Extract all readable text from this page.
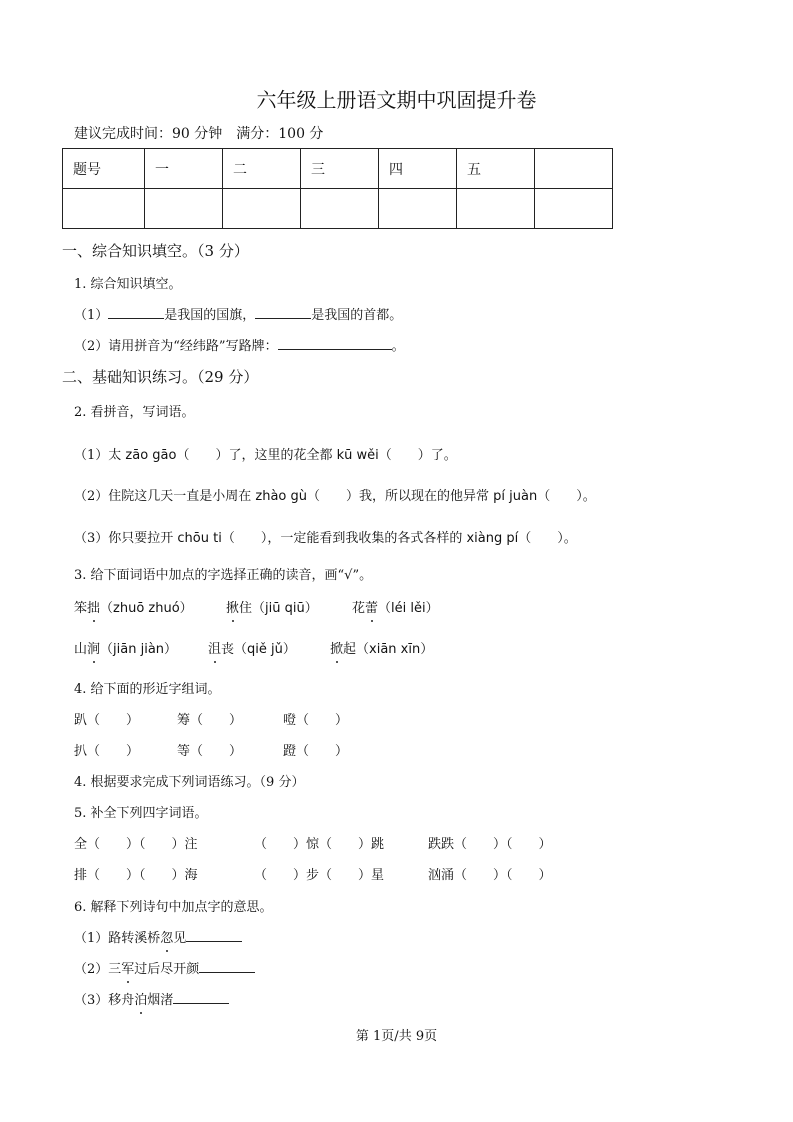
六年级上册语文期中巩固提升卷
建议完成时间：90 分钟　满分：100 分
题号	一	二	三	四	五	

一、综合知识填空。（3 分）
1. 综合知识填空。
（1）	是我国的国旗，	是我国的首都。
（2）请用拼音为“经纬路”写路牌：	。
二、基础知识练习。（29 分）
2. 看拼音，写词语。
（1）太 zāo gāo（　　）了，这里的花全都 kū wěi（　　）了。
（2）住院这几天一直是小周在 zhào gù（　　）我，所以现在的他异常 pí juàn（　　）。
（3）你只要拉开 chōu ti（　　），一定能看到我收集的各式各样的 xiàng pí（　　）。
3. 给下面词语中加点的字选择正确的读音，画“√”。
笨拙（zhuō zhuó）	揪住（jiū qiū）	花蕾（léi lěi）
山涧（jiān jiàn） 沮丧（qiě jǔ）	掀起（xiān xīn）
4. 给下面的形近字组词。
趴（　　）	筹（　　）	噔（　　）
扒（　　）	等（　　）	蹬（　　）
4. 根据要求完成下列词语练习。（9 分）
5. 补全下列四字词语。
全（　　）（　　）注	（　　）惊（　　）跳	跌跌（　　）（　　）
排（　　）（　　）海	（　　）步（　　）星	汹涌（　　）（　　）
6. 解释下列诗句中加点字的意思。
（1）路转溪桥忽见
（2）三军过后尽开颜
（3）移舟泊烟渚
第 1页/共 9页
